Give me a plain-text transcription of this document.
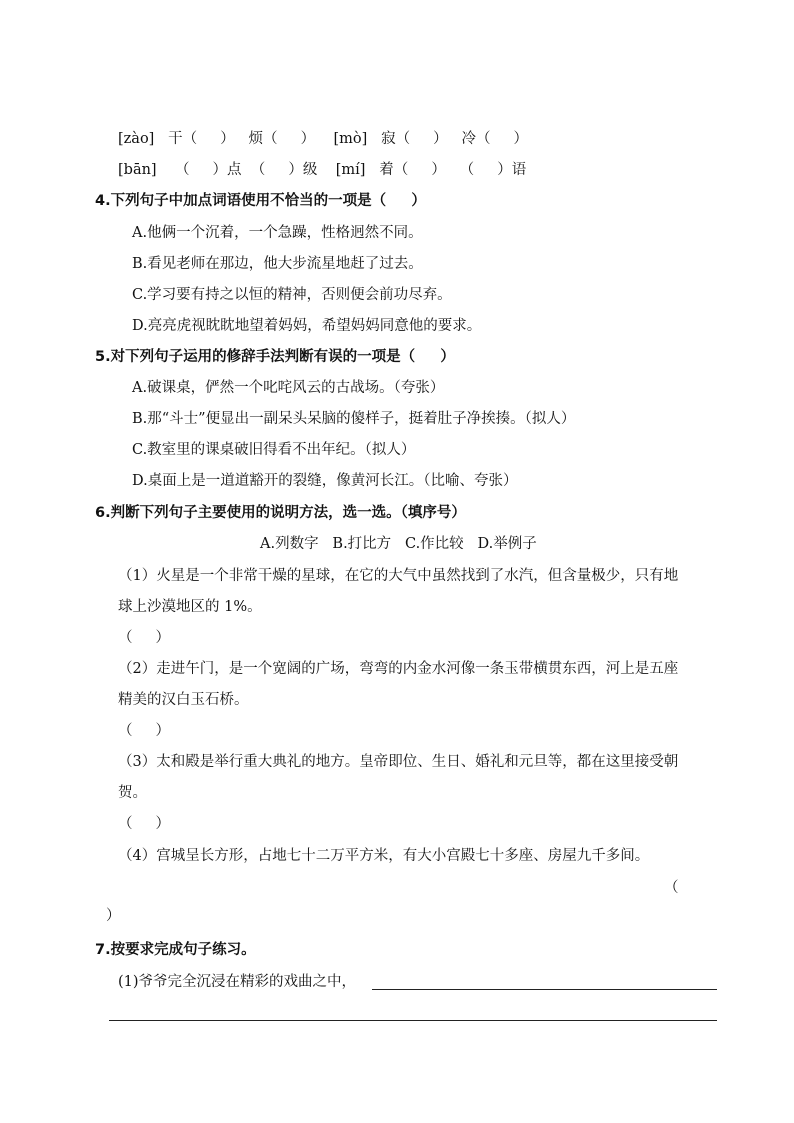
[zào]   干（     ）   烦（     ）    [mò]   寂（     ）   冷（     ）
[bān]    （     ）点  （     ）级    [mí]   着（     ）   （     ）语
4.下列句子中加点词语使用不恰当的一项是（     ）
A.他俩一个沉着，一个急躁，性格迥然不同。
B.看见老师在那边，他大步流星地赶了过去。
C.学习要有持之以恒的精神，否则便会前功尽弃。
D.亮亮虎视眈眈地望着妈妈，希望妈妈同意他的要求。
5.对下列句子运用的修辞手法判断有误的一项是（     ）
A.破课桌，俨然一个叱咤风云的古战场。（夸张）
B.那“斗士”便显出一副呆头呆脑的傻样子，挺着肚子净挨揍。（拟人）
C.教室里的课桌破旧得看不出年纪。（拟人）
D.桌面上是一道道豁开的裂缝，像黄河长江。（比喻、夸张）
6.判断下列句子主要使用的说明方法，选一选。（填序号）
A.列数字   B.打比方   C.作比较   D.举例子
（1）火星是一个非常干燥的星球，在它的大气中虽然找到了水汽，但含量极少，只有地
球上沙漠地区的 1%。
（     ）
（2）走进午门，是一个宽阔的广场，弯弯的内金水河像一条玉带横贯东西，河上是五座
精美的汉白玉石桥。
（     ）
（3）太和殿是举行重大典礼的地方。皇帝即位、生日、婚礼和元旦等，都在这里接受朝
贺。
（     ）
（4）宫城呈长方形，占地七十二万平方米，有大小宫殿七十多座、房屋九千多间。
（
）
7.按要求完成句子练习。
(1)爷爷完全沉浸在精彩的戏曲之中，
